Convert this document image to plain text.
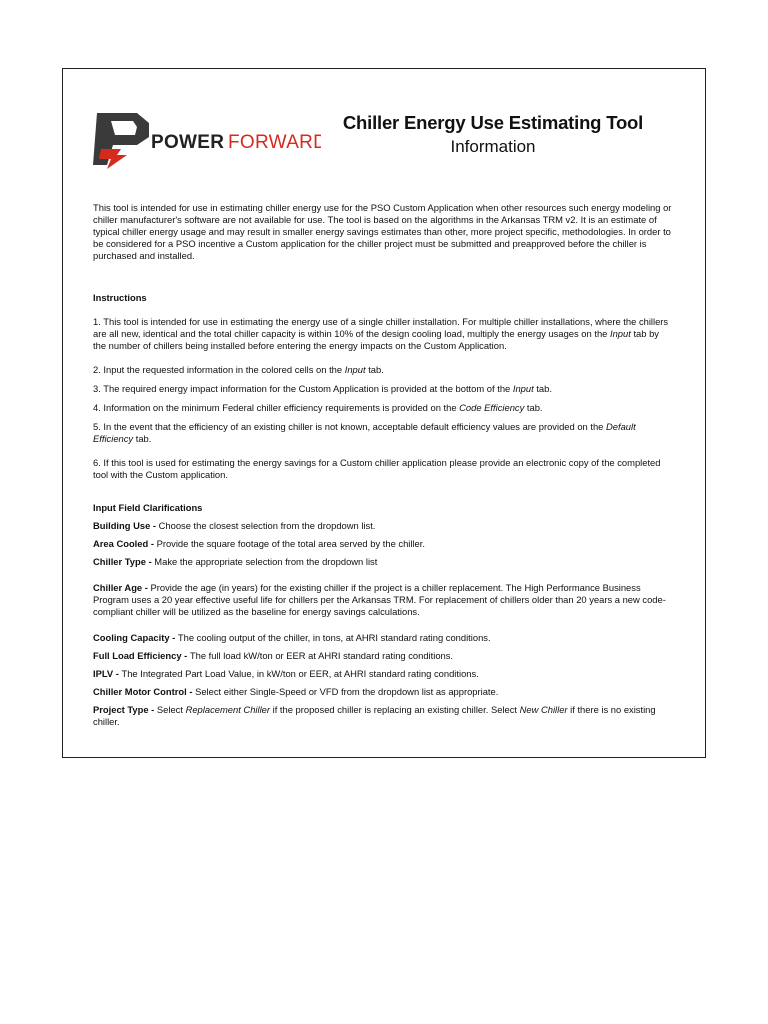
POWER FORWARD
Chiller Energy Use Estimating Tool
Information

This tool is intended for use in estimating chiller energy use for the PSO Custom Application when other resources such energy modeling or chiller manufacturer's software are not available for use. The tool is based on the algorithms in the Arkansas TRM v2. It is an estimate of typical chiller energy usage and may result in smaller energy savings estimates than other, more project specific, methodologies. In order to be considered for a PSO incentive a Custom application for the chiller project must be submitted and preapproved before the chiller is purchased and installed.

Instructions

1. This tool is intended for use in estimating the energy use of a single chiller installation. For multiple chiller installations, where the chillers are all new, identical and the total chiller capacity is within 10% of the design cooling load, multiply the energy usages on the Input tab by the number of chillers being installed before entering the energy impacts on the Custom Application.

2. Input the requested information in the colored cells on the Input tab.

3. The required energy impact information for the Custom Application is provided at the bottom of the Input tab.

4. Information on the minimum Federal chiller efficiency requirements is provided on the Code Efficiency tab.

5. In the event that the efficiency of an existing chiller is not known, acceptable default efficiency values are provided on the Default Efficiency tab.

6. If this tool is used for estimating the energy savings for a Custom chiller application please provide an electronic copy of the completed tool with the Custom application.

Input Field Clarifications

Building Use - Choose the closest selection from the dropdown list.

Area Cooled - Provide the square footage of the total area served by the chiller.

Chiller Type - Make the appropriate selection from the dropdown list

Chiller Age - Provide the age (in years) for the existing chiller if the project is a chiller replacement. The High Performance Business Program uses a 20 year effective useful life for chillers per the Arkansas TRM. For replacement of chillers older than 20 years a new code-compliant chiller will be utilized as the baseline for energy savings calculations.

Cooling Capacity - The cooling output of the chiller, in tons, at AHRI standard rating conditions.

Full Load Efficiency - The full load kW/ton or EER at AHRI standard rating conditions.

IPLV - The Integrated Part Load Value, in kW/ton or EER, at AHRI standard rating conditions.

Chiller Motor Control - Select either Single-Speed or VFD from the dropdown list as appropriate.

Project Type - Select Replacement Chiller if the proposed chiller is replacing an existing chiller. Select New Chiller if there is no existing chiller.
